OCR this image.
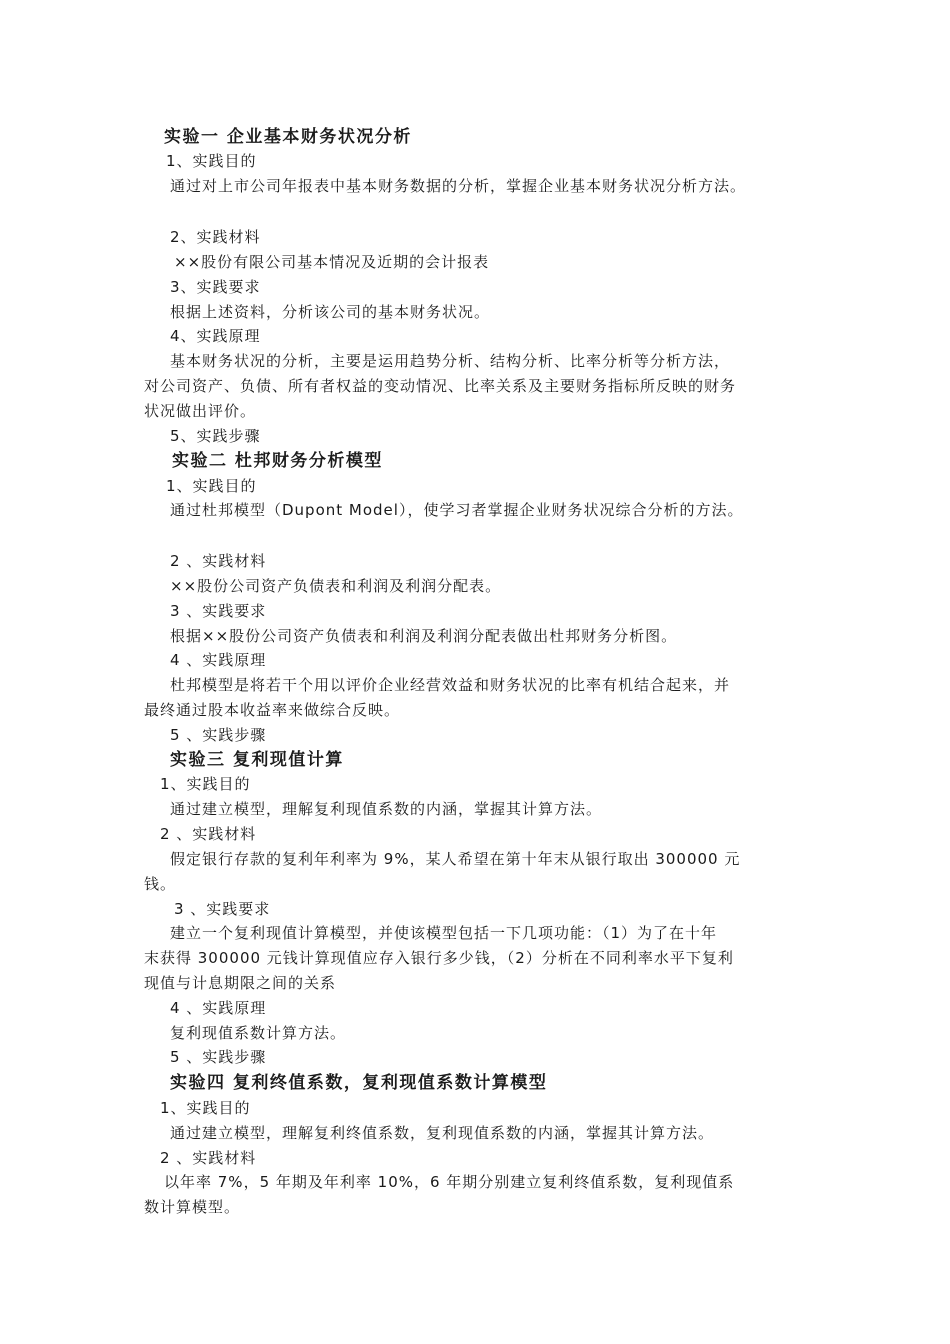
实验一 企业基本财务状况分析
1、实践目的
通过对上市公司年报表中基本财务数据的分析，掌握企业基本财务状况分析方法。
2、实践材料
××股份有限公司基本情况及近期的会计报表
3、实践要求
根据上述资料，分析该公司的基本财务状况。
4、实践原理
基本财务状况的分析，主要是运用趋势分析、结构分析、比率分析等分析方法，
对公司资产、负债、所有者权益的变动情况、比率关系及主要财务指标所反映的财务
状况做出评价。
5、实践步骤
实验二 杜邦财务分析模型
1、实践目的
通过杜邦模型（Dupont Model），使学习者掌握企业财务状况综合分析的方法。
2 、实践材料
××股份公司资产负债表和利润及利润分配表。
3 、实践要求
根据××股份公司资产负债表和利润及利润分配表做出杜邦财务分析图。
4 、实践原理
杜邦模型是将若干个用以评价企业经营效益和财务状况的比率有机结合起来，并
最终通过股本收益率来做综合反映。
5 、实践步骤
实验三 复利现值计算
1、实践目的
通过建立模型，理解复利现值系数的内涵，掌握其计算方法。
2 、实践材料
假定银行存款的复利年利率为 9%，某人希望在第十年末从银行取出 300000 元
钱。
3 、实践要求
建立一个复利现值计算模型，并使该模型包括一下几项功能：（1）为了在十年
末获得 300000 元钱计算现值应存入银行多少钱，（2）分析在不同利率水平下复利
现值与计息期限之间的关系
4 、实践原理
复利现值系数计算方法。
5 、实践步骤
实验四 复利终值系数，复利现值系数计算模型
1、实践目的
通过建立模型，理解复利终值系数，复利现值系数的内涵，掌握其计算方法。
2 、实践材料
以年率 7%，5 年期及年利率 10%，6 年期分别建立复利终值系数，复利现值系
数计算模型。
